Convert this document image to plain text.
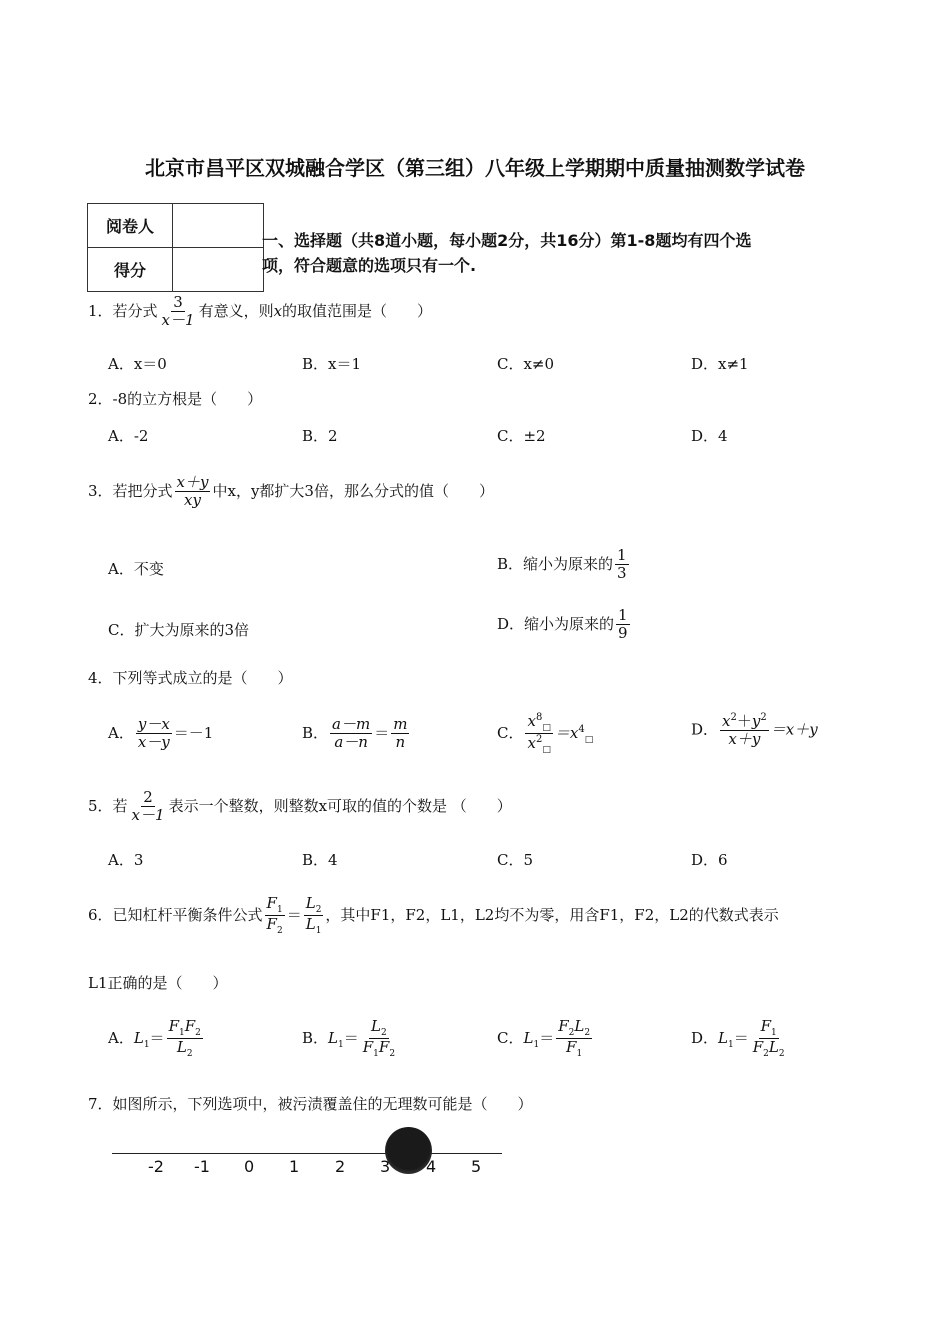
北京市昌平区双城融合学区（第三组）八年级上学期期中质量抽测数学试卷
阅卷人	
得分	
一、选择题（共8道小题，每小题2分，共16分）第1-8题均有四个选
项，符合题意的选项只有一个.
1．若分式 $\frac{3}{x-1}$ 有意义，则x的取值范围是（　　）
A．x＝0	B．x＝1	C．x≠0	D．x≠1
2．-8的立方根是（　　）
A．-2	B．2	C．±2	D．4
3．若把分式 $\frac{x+y}{xy}$ 中x，y都扩大3倍，那么分式的值（　　）
A．不变	B．缩小为原来的 $\frac{1}{3}$
C．扩大为原来的3倍	D．缩小为原来的 $\frac{1}{9}$
4．下列等式成立的是（　　）
A． $\frac{y-x}{x-y} =-1$	B． $\frac{a-m}{a-n} = \frac{m}{n}$	C． $\frac{x^8_□}{x^2_□} =x^4_□$
D． $\frac{x^2+y^2}{x+y} =x+y$
5．若 $\frac{2}{x-1}$ 表示一个整数，则整数x可取的值的个数是 （　　）
A．3	B．4	C．5	D．6
6．已知杠杆平衡条件公式 $\frac{F_1}{F_2} = \frac{L_2}{L_1}$ ，其中F1，F2，L1，L2均不为零，用含F1，F2，L2的代数式表示
L1正确的是（　　）
A．$L_1= \frac{F_1F_2}{L_2}$	B．$L_1= \frac{L_2}{F_1F_2}$	C．$L_1= \frac{F_2L_2}{F_1}$	D．$L_1= \frac{F_1}{F_2L_2}$
7．如图所示，下列选项中，被污渍覆盖住的无理数可能是（　　）
-2 -1 0 1 2 3 4 5
